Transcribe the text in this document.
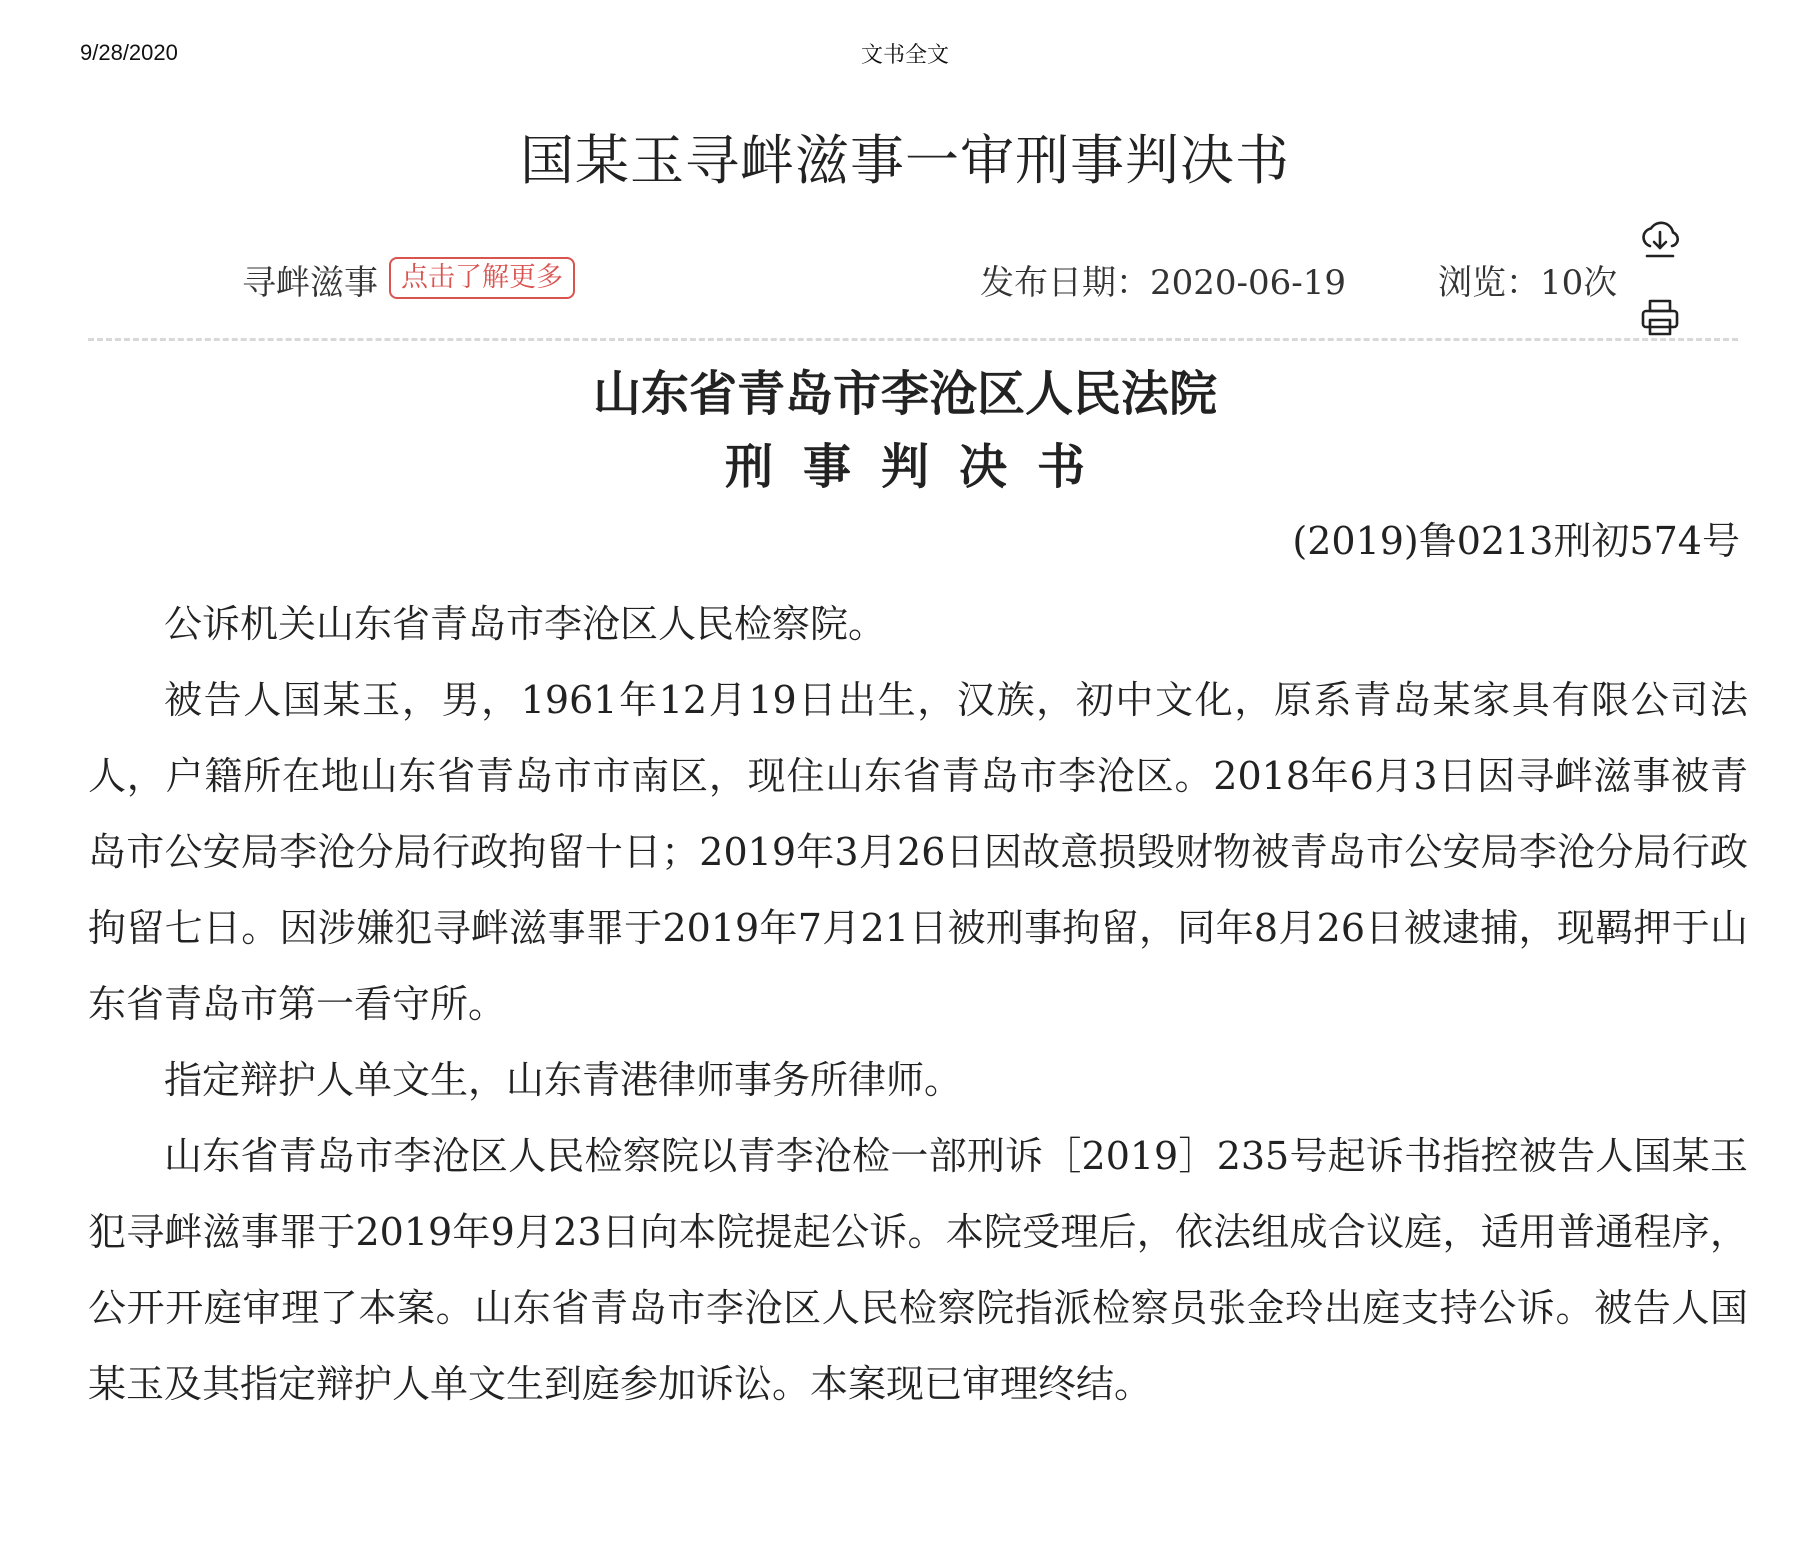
9/28/2020	文书全文
国某玉寻衅滋事一审刑事判决书
寻衅滋事 点击了解更多	发布日期：2020-06-19	浏览：10次
山东省青岛市李沧区人民法院
刑事判决书
(2019)鲁0213刑初574号

公诉机关山东省青岛市李沧区人民检察院。

被告人国某玉，男，1961年12月19日出生，汉族，初中文化，原系青岛某家具有限公司法人，户籍所在地山东省青岛市市南区，现住山东省青岛市李沧区。2018年6月3日因寻衅滋事被青岛市公安局李沧分局行政拘留十日；2019年3月26日因故意损毁财物被青岛市公安局李沧分局行政拘留七日。因涉嫌犯寻衅滋事罪于2019年7月21日被刑事拘留，同年8月26日被逮捕，现羁押于山东省青岛市第一看守所。

指定辩护人单文生，山东青港律师事务所律师。

山东省青岛市李沧区人民检察院以青李沧检一部刑诉［2019］235号起诉书指控被告人国某玉犯寻衅滋事罪于2019年9月23日向本院提起公诉。本院受理后，依法组成合议庭，适用普通程序，公开开庭审理了本案。山东省青岛市李沧区人民检察院指派检察员张金玲出庭支持公诉。被告人国某玉及其指定辩护人单文生到庭参加诉讼。本案现已审理终结。
